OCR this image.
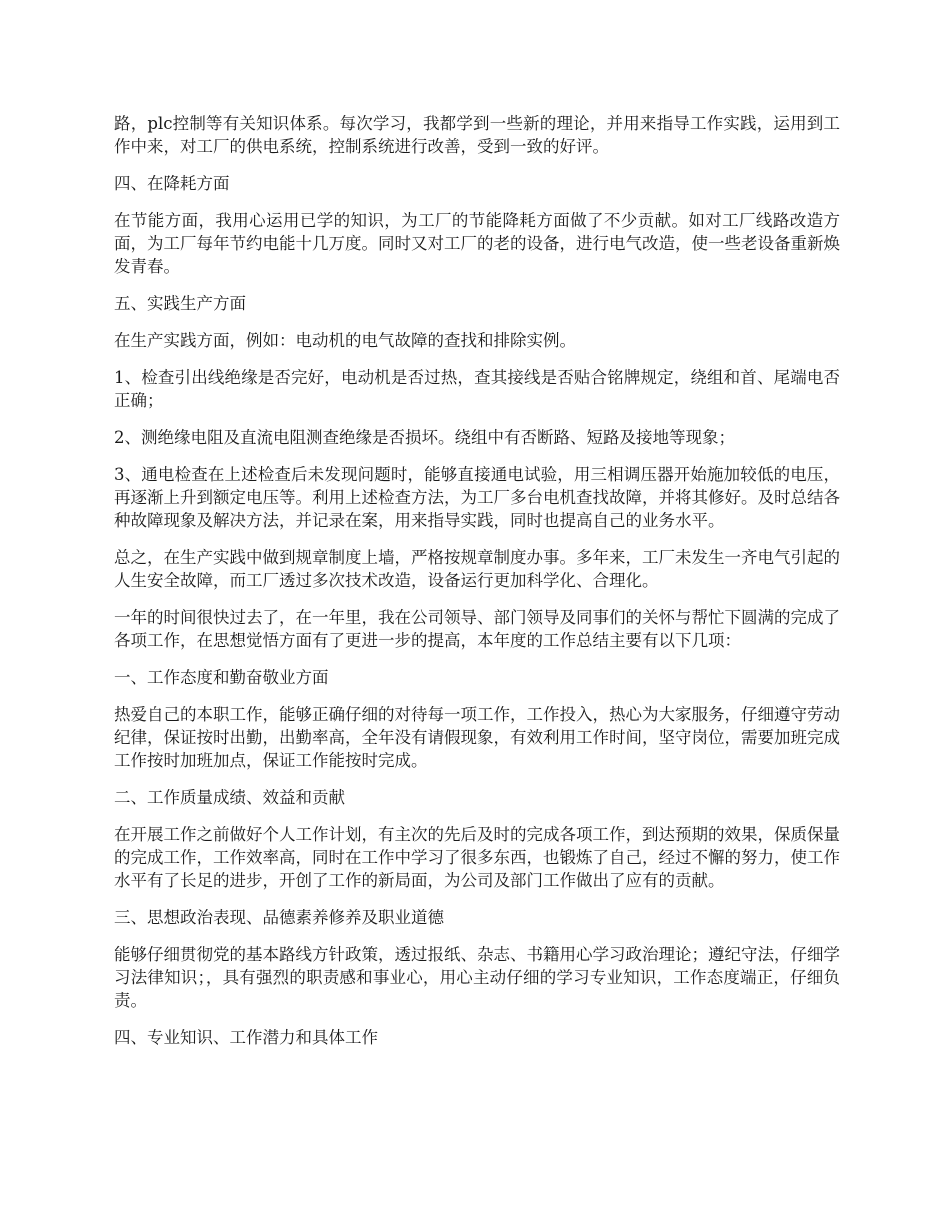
路，plc控制等有关知识体系。每次学习，我都学到一些新的理论，并用来指导工作实践，运用到工作中来，对工厂的供电系统，控制系统进行改善，受到一致的好评。

四、在降耗方面

在节能方面，我用心运用已学的知识，为工厂的节能降耗方面做了不少贡献。如对工厂线路改造方面，为工厂每年节约电能十几万度。同时又对工厂的老的设备，进行电气改造，使一些老设备重新焕发青春。

五、实践生产方面

在生产实践方面，例如：电动机的电气故障的查找和排除实例。

1、检查引出线绝缘是否完好，电动机是否过热，查其接线是否贴合铭牌规定，绕组和首、尾端电否正确；

2、测绝缘电阻及直流电阻测查绝缘是否损坏。绕组中有否断路、短路及接地等现象；

3、通电检查在上述检查后未发现问题时，能够直接通电试验，用三相调压器开始施加较低的电压，再逐渐上升到额定电压等。利用上述检查方法，为工厂多台电机查找故障，并将其修好。及时总结各种故障现象及解决方法，并记录在案，用来指导实践，同时也提高自己的业务水平。

总之，在生产实践中做到规章制度上墙，严格按规章制度办事。多年来，工厂未发生一齐电气引起的人生安全故障，而工厂透过多次技术改造，设备运行更加科学化、合理化。

一年的时间很快过去了，在一年里，我在公司领导、部门领导及同事们的关怀与帮忙下圆满的完成了各项工作，在思想觉悟方面有了更进一步的提高，本年度的工作总结主要有以下几项：

一、工作态度和勤奋敬业方面

热爱自己的本职工作，能够正确仔细的对待每一项工作，工作投入，热心为大家服务，仔细遵守劳动纪律，保证按时出勤，出勤率高，全年没有请假现象，有效利用工作时间，坚守岗位，需要加班完成工作按时加班加点，保证工作能按时完成。

二、工作质量成绩、效益和贡献

在开展工作之前做好个人工作计划，有主次的先后及时的完成各项工作，到达预期的效果，保质保量的完成工作，工作效率高，同时在工作中学习了很多东西，也锻炼了自己，经过不懈的努力，使工作水平有了长足的进步，开创了工作的新局面，为公司及部门工作做出了应有的贡献。

三、思想政治表现、品德素养修养及职业道德

能够仔细贯彻党的基本路线方针政策，透过报纸、杂志、书籍用心学习政治理论；遵纪守法，仔细学习法律知识；，具有强烈的职责感和事业心，用心主动仔细的学习专业知识，工作态度端正，仔细负责。

四、专业知识、工作潜力和具体工作
